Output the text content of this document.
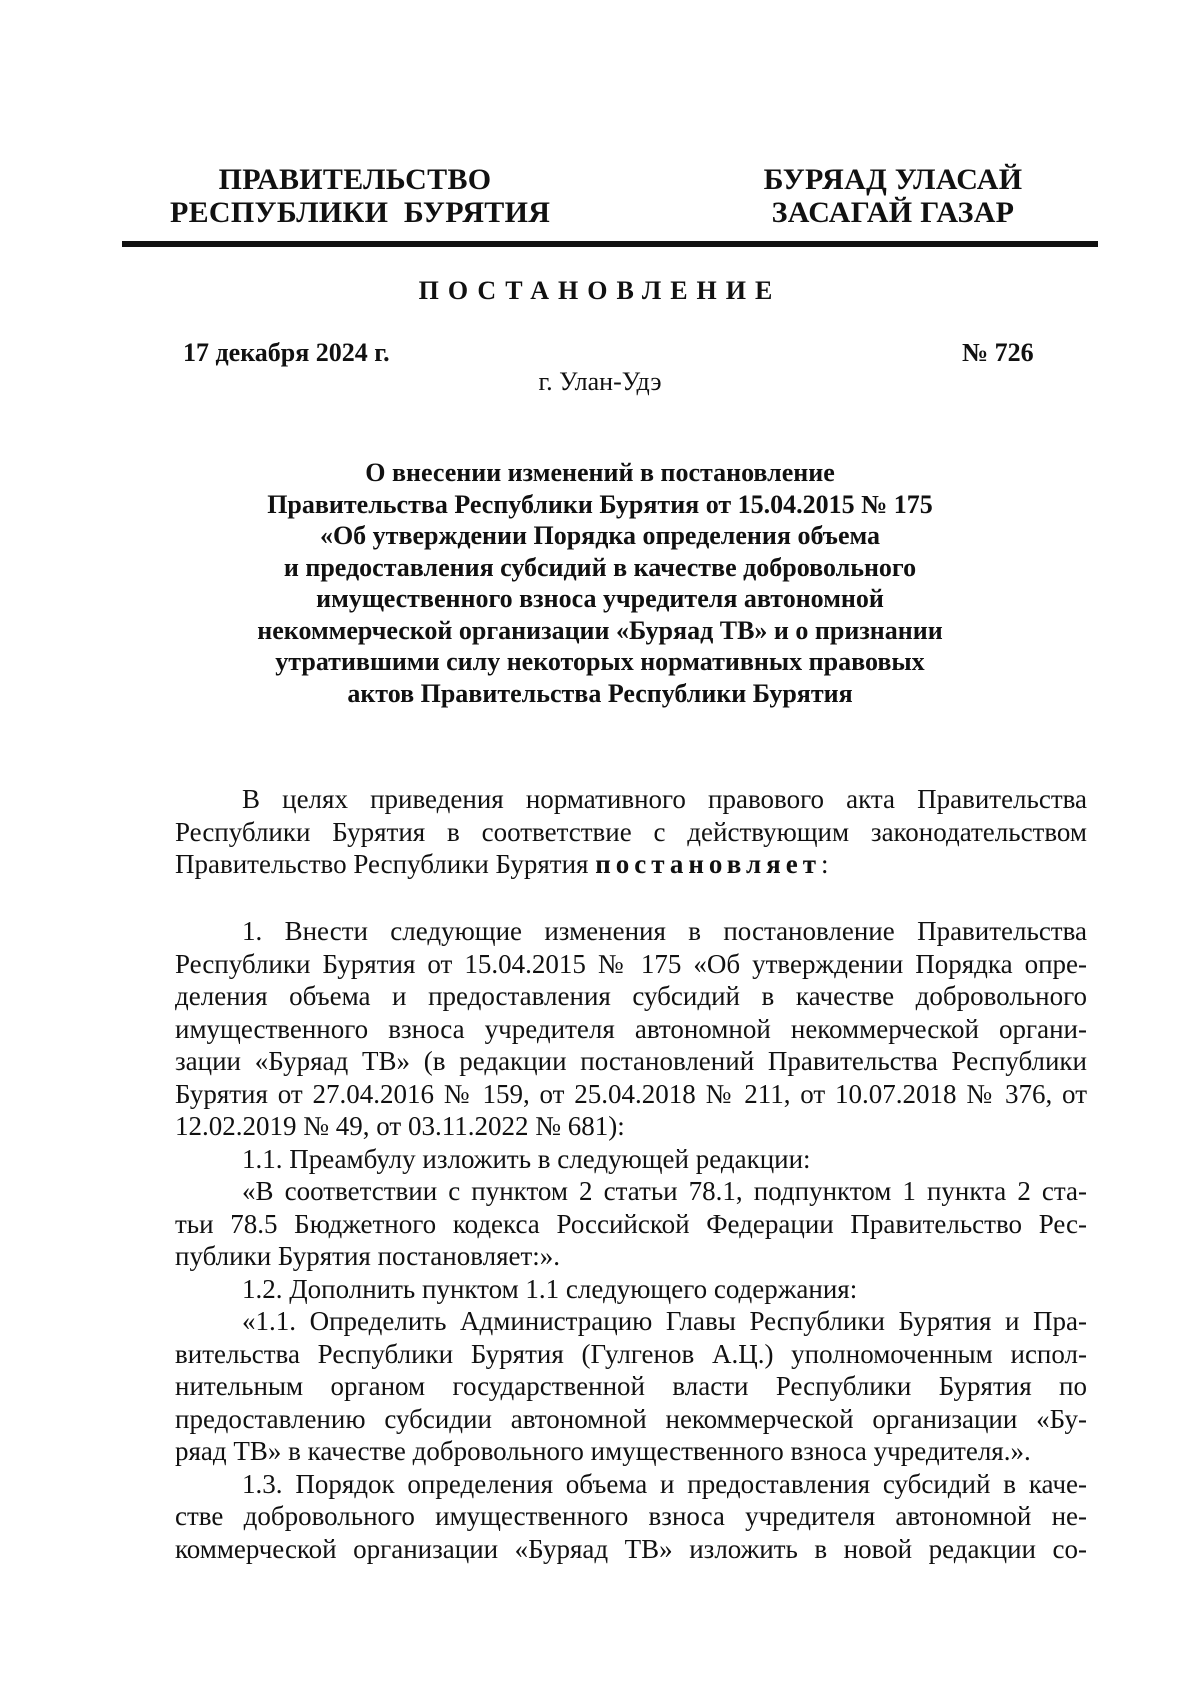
ПРАВИТЕЛЬСТВО
РЕСПУБЛИКИ  БУРЯТИЯ
БУРЯАД УЛАСАЙ
ЗАСАГАЙ ГАЗАР
ПОСТАНОВЛЕНИЕ
17 декабря 2024 г.	№ 726
г. Улан-Удэ
О внесении изменений в постановление
Правительства Республики Бурятия от 15.04.2015 № 175
«Об утверждении Порядка определения объема
и предоставления субсидий в качестве добровольного
имущественного взноса учредителя автономной
некоммерческой организации «Буряад ТВ» и о признании
утратившими силу некоторых нормативных правовых
актов Правительства Республики Бурятия
В целях приведения нормативного правового акта Правительства
Республики Бурятия в соответствие с действующим законодательством
Правительство Республики Бурятия постановляет:
1. Внести следующие изменения в постановление Правительства
Республики Бурятия от 15.04.2015 № 175 «Об утверждении Порядка опре-
деления объема и предоставления субсидий в качестве добровольного
имущественного взноса учредителя автономной некоммерческой органи-
зации «Буряад ТВ» (в редакции постановлений Правительства Республики
Бурятия от 27.04.2016 № 159, от 25.04.2018 № 211, от 10.07.2018 № 376, от
12.02.2019 № 49, от 03.11.2022 № 681):
1.1. Преамбулу изложить в следующей редакции:
«В соответствии с пунктом 2 статьи 78.1, подпунктом 1 пункта 2 ста-
тьи 78.5 Бюджетного кодекса Российской Федерации Правительство Рес-
публики Бурятия постановляет:».
1.2. Дополнить пунктом 1.1 следующего содержания:
«1.1. Определить Администрацию Главы Республики Бурятия и Пра-
вительства Республики Бурятия (Гулгенов А.Ц.) уполномоченным испол-
нительным органом государственной власти Республики Бурятия по
предоставлению субсидии автономной некоммерческой организации «Бу-
ряад ТВ» в качестве добровольного имущественного взноса учредителя.».
1.3. Порядок определения объема и предоставления субсидий в каче-
стве добровольного имущественного взноса учредителя автономной не-
коммерческой организации «Буряад ТВ» изложить в новой редакции со-
